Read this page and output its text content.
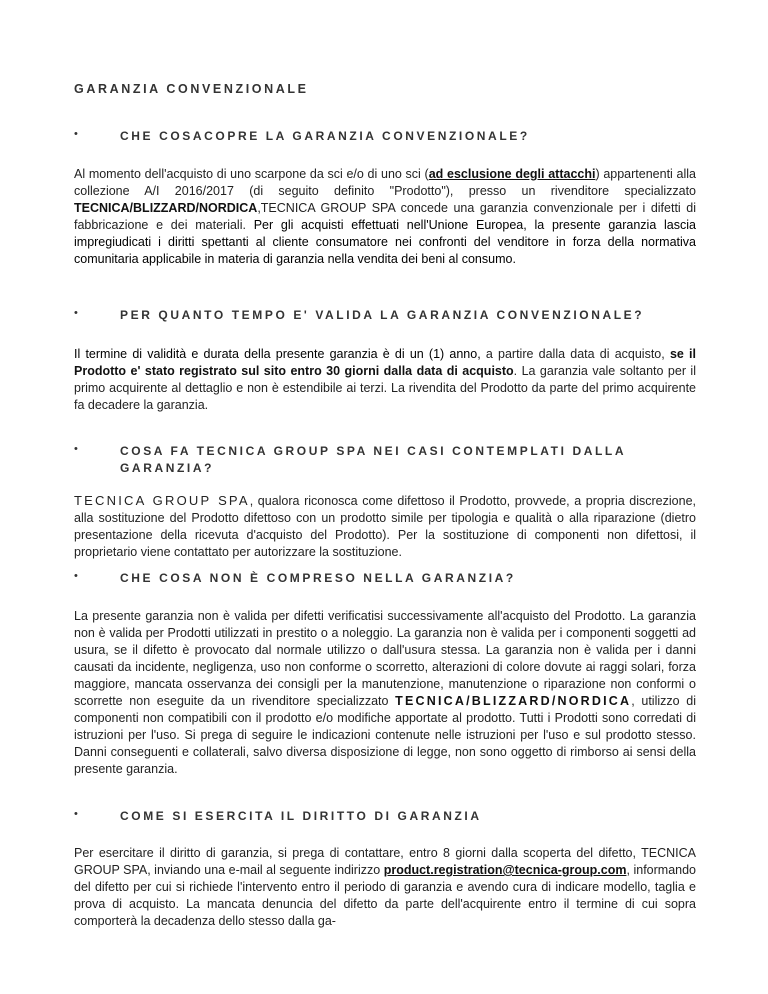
GARANZIA CONVENZIONALE
•	CHE COSACOPRE LA GARANZIA CONVENZIONALE?
Al momento dell'acquisto di uno scarpone da sci e/o di uno sci (ad esclusione degli attacchi) appartenenti alla collezione A/I 2016/2017 (di seguito definito "Prodotto"), presso un rivenditore specializzato TECNICA/BLIZZARD/NORDICA,TECNICA GROUP SPA concede una garanzia convenzionale per i difetti di fabbricazione e dei materiali. Per gli acquisti effettuati nell'Unione Europea, la presente garanzia lascia impregiudicati i diritti spettanti al cliente consumatore nei confronti del venditore in forza della normativa comunitaria applicabile in materia di garanzia nella vendita dei beni al consumo.
•	PER QUANTO TEMPO E' VALIDA LA GARANZIA CONVENZIONALE?
Il termine di validità e durata della presente garanzia è di un (1) anno, a partire dalla data di acquisto, se il Prodotto e' stato registrato sul sito entro 30 giorni dalla data di acquisto. La garanzia vale soltanto per il primo acquirente al dettaglio e non è estendibile ai terzi. La rivendita del Prodotto da parte del primo acquirente fa decadere la garanzia.
•	COSA FA TECNICA GROUP SPA NEI CASI CONTEMPLATI DALLA GARANZIA?
TECNICA GROUP SPA, qualora riconosca come difettoso il Prodotto, provvede, a propria discrezione, alla sostituzione del Prodotto difettoso con un prodotto simile per tipologia e qualità o alla riparazione (dietro presentazione della ricevuta d'acquisto del Prodotto). Per la sostituzione di componenti non difettosi, il proprietario viene contattato per autorizzare la sostituzione.
•	CHE COSA NON È COMPRESO NELLA GARANZIA?
La presente garanzia non è valida per difetti verificatisi successivamente all'acquisto del Prodotto. La garanzia non è valida per Prodotti utilizzati in prestito o a noleggio. La garanzia non è valida per i componenti soggetti ad usura, se il difetto è provocato dal normale utilizzo o dall'usura stessa. La garanzia non è valida per i danni causati da incidente, negligenza, uso non conforme o scorretto, alterazioni di colore dovute ai raggi solari, forza maggiore, mancata osservanza dei consigli per la manutenzione, manutenzione o riparazione non conformi o scorrette non eseguite da un rivenditore specializzato TECNICA/BLIZZARD/NORDICA, utilizzo di componenti non compatibili con il prodotto e/o modifiche apportate al prodotto. Tutti i Prodotti sono corredati di istruzioni per l'uso. Si prega di seguire le indicazioni contenute nelle istruzioni per l'uso e sul prodotto stesso. Danni conseguenti e collaterali, salvo diversa disposizione di legge, non sono oggetto di rimborso ai sensi della presente garanzia.
•	COME SI ESERCITA IL DIRITTO DI GARANZIA
Per esercitare il diritto di garanzia, si prega di contattare, entro 8 giorni dalla scoperta del difetto, TECNICA GROUP SPA, inviando una e-mail al seguente indirizzo product.registration@tecnica-group.com, informando del difetto per cui si richiede l'intervento entro il periodo di garanzia e avendo cura di indicare modello, taglia e prova di acquisto. La mancata denuncia del difetto da parte dell'acquirente entro il termine di cui sopra comporterà la decadenza dello stesso dalla ga-
